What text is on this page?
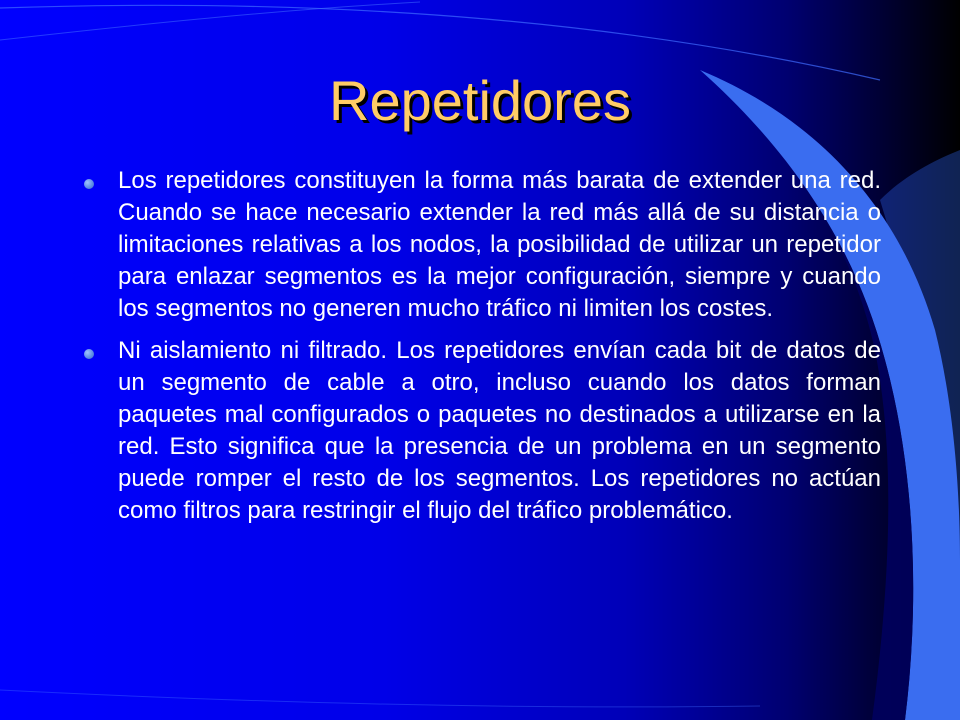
Repetidores

Los repetidores constituyen la forma más barata de extender una red. Cuando se hace necesario extender la red más allá de su distancia o limitaciones relativas a los nodos, la posibilidad de utilizar un repetidor para enlazar segmentos es la mejor configuración, siempre y cuando los segmentos no generen mucho tráfico ni limiten los costes.

Ni aislamiento ni filtrado. Los repetidores envían cada bit de datos de un segmento de cable a otro, incluso cuando los datos forman paquetes mal configurados o paquetes no destinados a utilizarse en la red. Esto significa que la presencia de un problema en un segmento puede romper el resto de los segmentos. Los repetidores no actúan como filtros para restringir el flujo del tráfico problemático.
